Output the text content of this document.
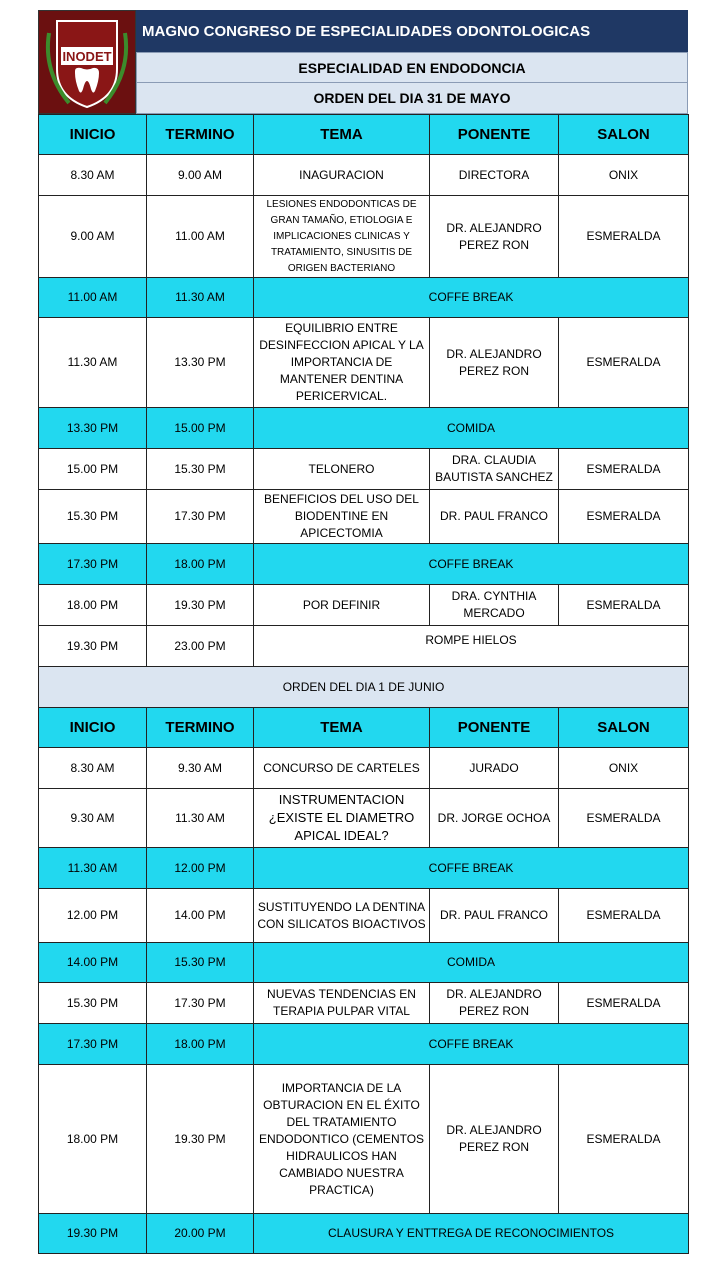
INODET
MAGNO CONGRESO DE ESPECIALIDADES ODONTOLOGICAS
ESPECIALIDAD EN ENDODONCIA
ORDEN DEL DIA 31 DE MAYO
INICIO	TERMINO	TEMA	PONENTE	SALON
8.30 AM	9.00 AM	INAGURACION	DIRECTORA	ONIX
9.00 AM	11.00 AM	LESIONES ENDODONTICAS DE GRAN TAMAÑO, ETIOLOGIA E IMPLICACIONES CLINICAS Y TRATAMIENTO, SINUSITIS DE ORIGEN BACTERIANO	DR. ALEJANDRO PEREZ RON	ESMERALDA
11.00 AM	11.30 AM	COFFE BREAK		
11.30 AM	13.30 PM	EQUILIBRIO ENTRE DESINFECCION APICAL Y LA IMPORTANCIA DE MANTENER DENTINA PERICERVICAL.	DR. ALEJANDRO PEREZ RON	ESMERALDA
13.30 PM	15.00 PM	COMIDA		
15.00 PM	15.30 PM	TELONERO	DRA. CLAUDIA BAUTISTA SANCHEZ	ESMERALDA
15.30 PM	17.30 PM	BENEFICIOS DEL USO DEL BIODENTINE EN APICECTOMIA	DR. PAUL FRANCO	ESMERALDA
17.30 PM	18.00 PM	COFFE BREAK		
18.00 PM	19.30 PM	POR DEFINIR	DRA. CYNTHIA MERCADO	ESMERALDA
19.30 PM	23.00 PM	ROMPE HIELOS		
ORDEN DEL DIA 1 DE JUNIO				
INICIO	TERMINO	TEMA	PONENTE	SALON
8.30 AM	9.30 AM	CONCURSO DE CARTELES	JURADO	ONIX
9.30 AM	11.30 AM	INSTRUMENTACION ¿EXISTE EL DIAMETRO APICAL IDEAL?	DR. JORGE OCHOA	ESMERALDA
11.30 AM	12.00 PM	COFFE BREAK		
12.00 PM	14.00 PM	SUSTITUYENDO LA DENTINA CON SILICATOS BIOACTIVOS	DR. PAUL FRANCO	ESMERALDA
14.00 PM	15.30 PM	COMIDA		
15.30 PM	17.30 PM	NUEVAS TENDENCIAS EN TERAPIA PULPAR VITAL	DR. ALEJANDRO PEREZ RON	ESMERALDA
17.30 PM	18.00 PM	COFFE BREAK		
18.00 PM	19.30 PM	IMPORTANCIA DE LA OBTURACION EN EL ÉXITO DEL TRATAMIENTO ENDODONTICO (CEMENTOS HIDRAULICOS HAN CAMBIADO NUESTRA PRACTICA)	DR. ALEJANDRO PEREZ RON	ESMERALDA
19.30 PM	20.00 PM	CLAUSURA Y ENTTREGA DE RECONOCIMIENTOS		
